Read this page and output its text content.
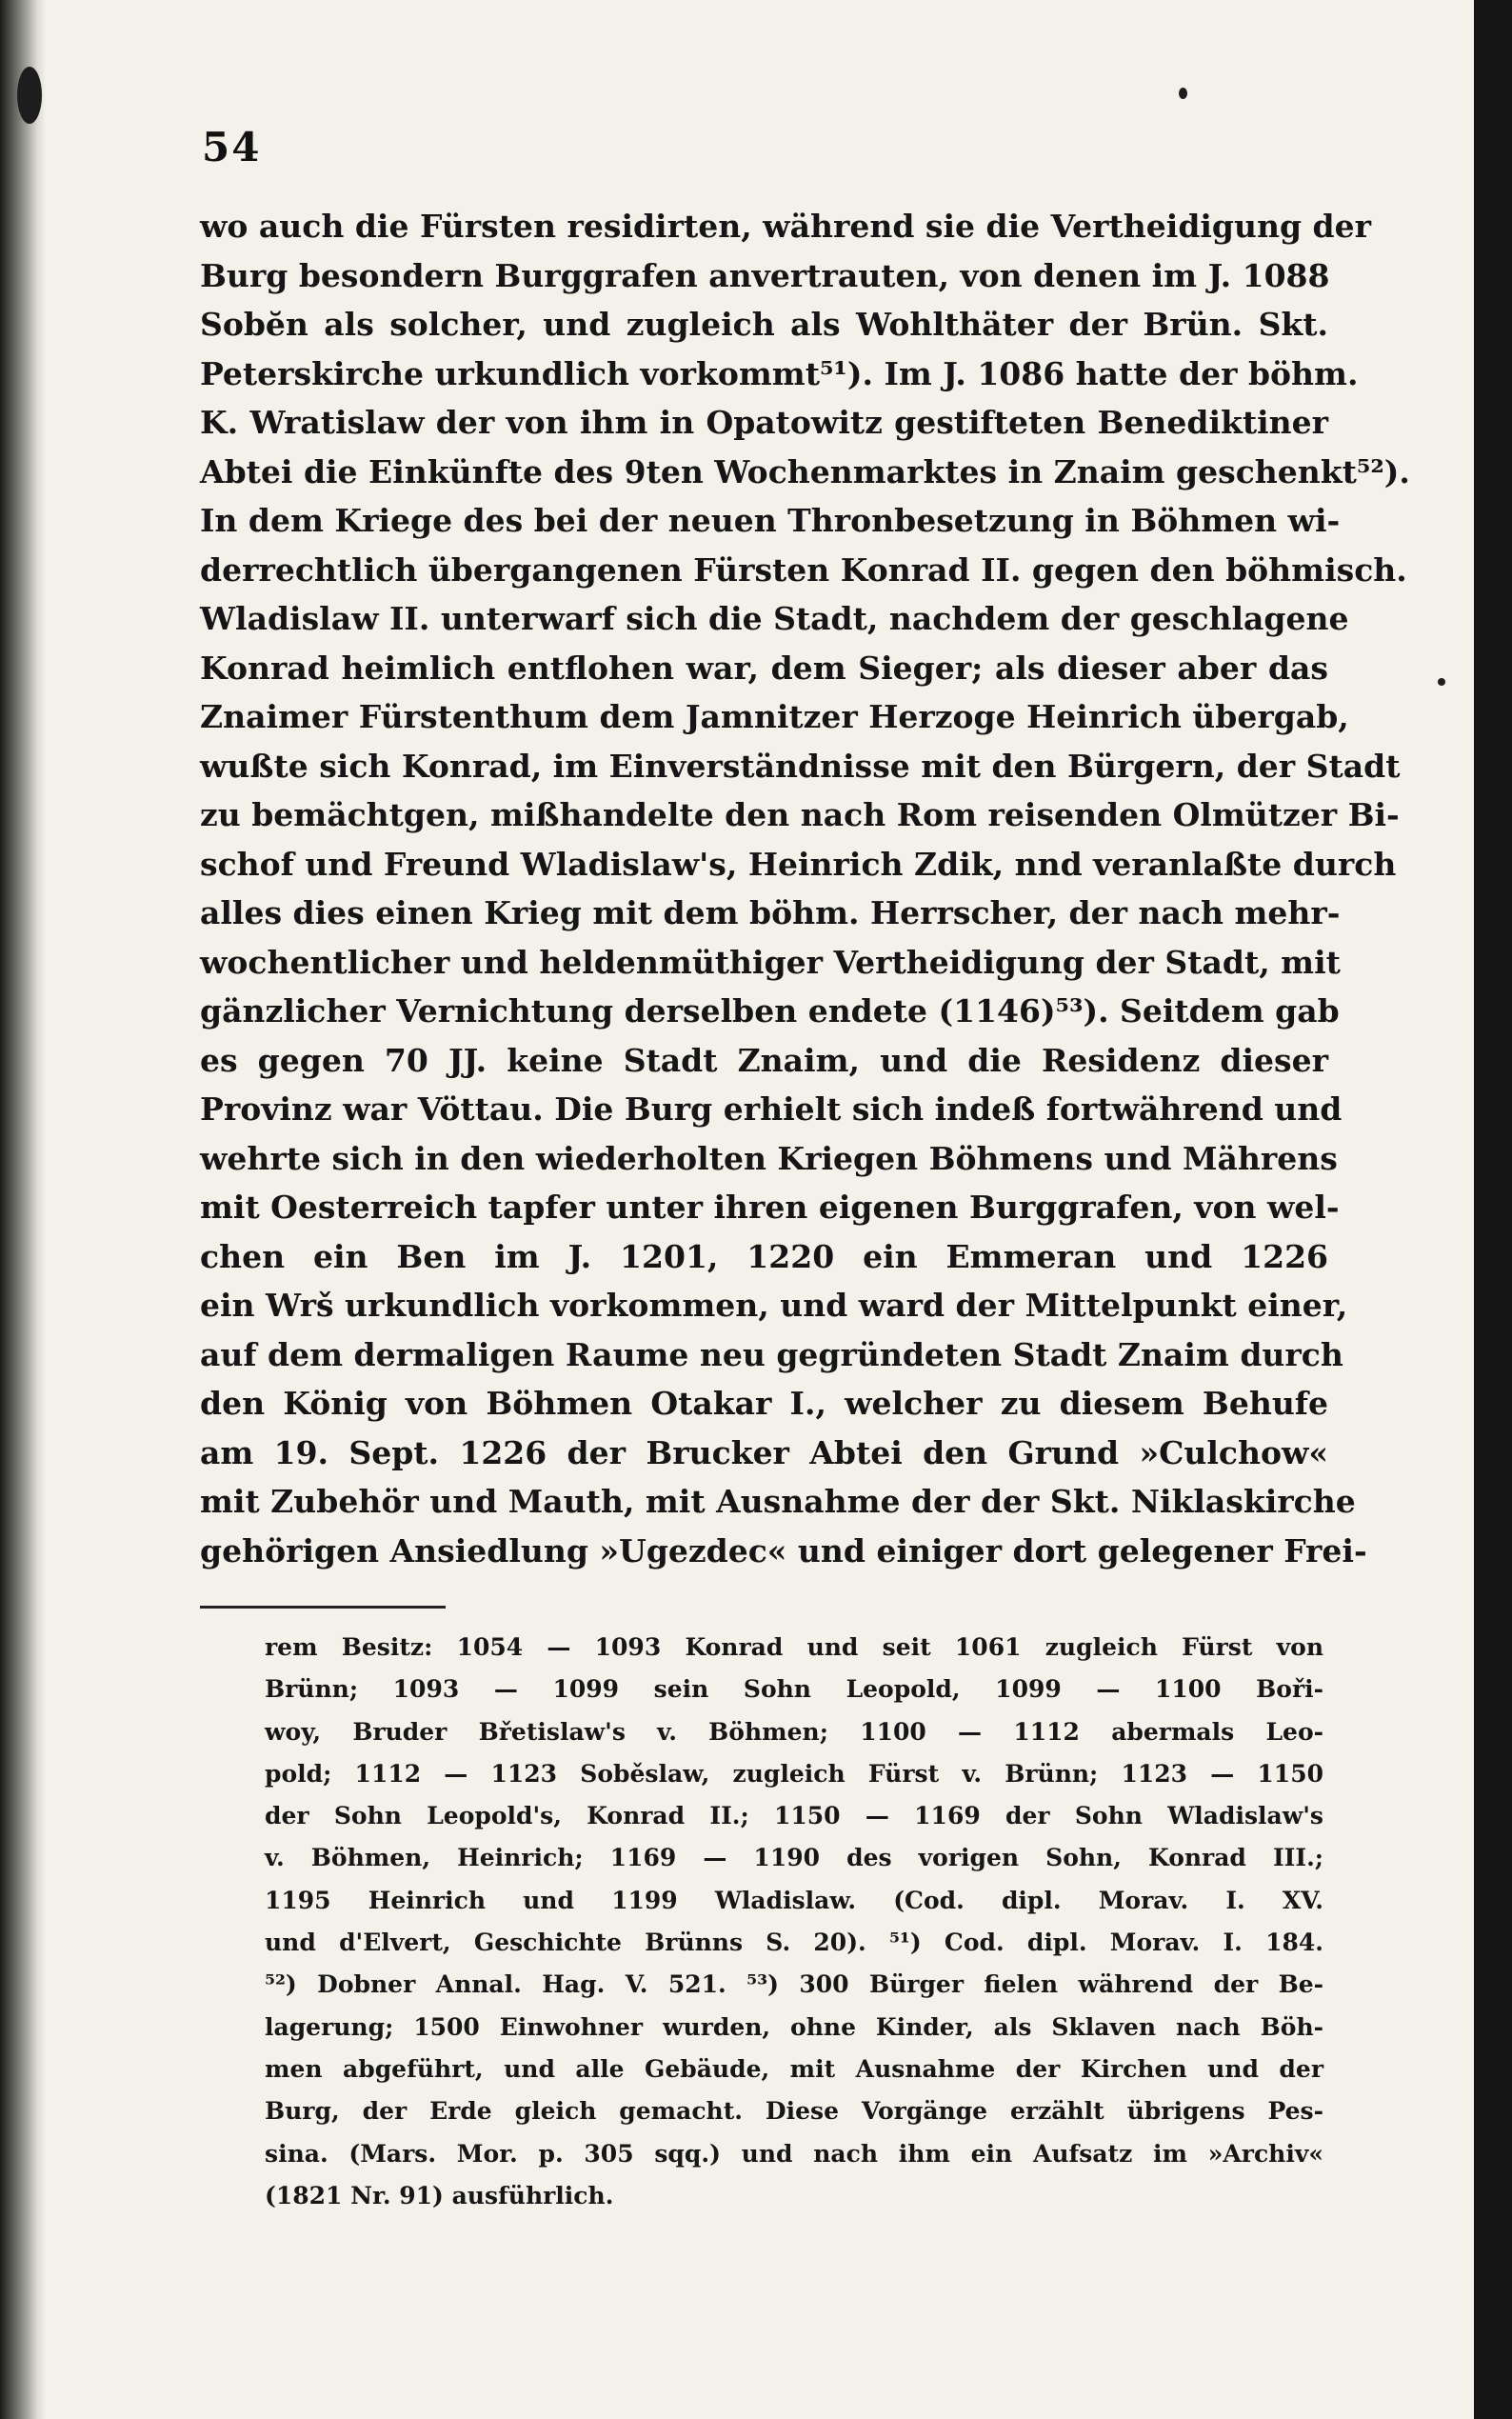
54
wo auch die Fürsten residirten, während sie die Vertheidigung der
Burg besondern Burggrafen anvertrauten, von denen im J. 1088
Sobĕn als solcher, und zugleich als Wohlthäter der Brün. Skt.
Peterskirche urkundlich vorkommt⁵¹). Im J. 1086 hatte der böhm.
K. Wratislaw der von ihm in Opatowitz gestifteten Benediktiner
Abtei die Einkünfte des 9ten Wochenmarktes in Znaim geschenkt⁵²).
In dem Kriege des bei der neuen Thronbesetzung in Böhmen wi-
derrechtlich übergangenen Fürsten Konrad II. gegen den böhmisch.
Wladislaw II. unterwarf sich die Stadt, nachdem der geschlagene
Konrad heimlich entflohen war, dem Sieger; als dieser aber das
Znaimer Fürstenthum dem Jamnitzer Herzoge Heinrich übergab,
wußte sich Konrad, im Einverständnisse mit den Bürgern, der Stadt
zu bemächtgen, mißhandelte den nach Rom reisenden Olmützer Bi-
schof und Freund Wladislaw's, Heinrich Zdik, nnd veranlaßte durch
alles dies einen Krieg mit dem böhm. Herrscher, der nach mehr-
wochentlicher und heldenmüthiger Vertheidigung der Stadt, mit
gänzlicher Vernichtung derselben endete (1146)⁵³). Seitdem gab
es gegen 70 JJ. keine Stadt Znaim, und die Residenz dieser
Provinz war Vöttau. Die Burg erhielt sich indeß fortwährend und
wehrte sich in den wiederholten Kriegen Böhmens und Mährens
mit Oesterreich tapfer unter ihren eigenen Burggrafen, von wel-
chen ein Ben im J. 1201, 1220 ein Emmeran und 1226
ein Wrš urkundlich vorkommen, und ward der Mittelpunkt einer,
auf dem dermaligen Raume neu gegründeten Stadt Znaim durch
den König von Böhmen Otakar I., welcher zu diesem Behufe
am 19. Sept. 1226 der Brucker Abtei den Grund »Culchow«
mit Zubehör und Mauth, mit Ausnahme der der Skt. Niklaskirche
gehörigen Ansiedlung »Ugezdec« und einiger dort gelegener Frei-
rem Besitz: 1054 — 1093 Konrad und seit 1061 zugleich Fürst von
Brünn; 1093 — 1099 sein Sohn Leopold, 1099 — 1100 Boři-
woy, Bruder Břetislaw's v. Böhmen; 1100 — 1112 abermals Leo-
pold; 1112 — 1123 Soběslaw, zugleich Fürst v. Brünn; 1123 — 1150
der Sohn Leopold's, Konrad II.; 1150 — 1169 der Sohn Wladislaw's
v. Böhmen, Heinrich; 1169 — 1190 des vorigen Sohn, Konrad III.;
1195 Heinrich und 1199 Wladislaw. (Cod. dipl. Morav. I. XV.
und d'Elvert, Geschichte Brünns S. 20). ⁵¹) Cod. dipl. Morav. I. 184.
⁵²) Dobner Annal. Hag. V. 521. ⁵³) 300 Bürger fielen während der Be-
lagerung; 1500 Einwohner wurden, ohne Kinder, als Sklaven nach Böh-
men abgeführt, und alle Gebäude, mit Ausnahme der Kirchen und der
Burg, der Erde gleich gemacht. Diese Vorgänge erzählt übrigens Pes-
sina. (Mars. Mor. p. 305 sqq.) und nach ihm ein Aufsatz im »Archiv«
(1821 Nr. 91) ausführlich.
